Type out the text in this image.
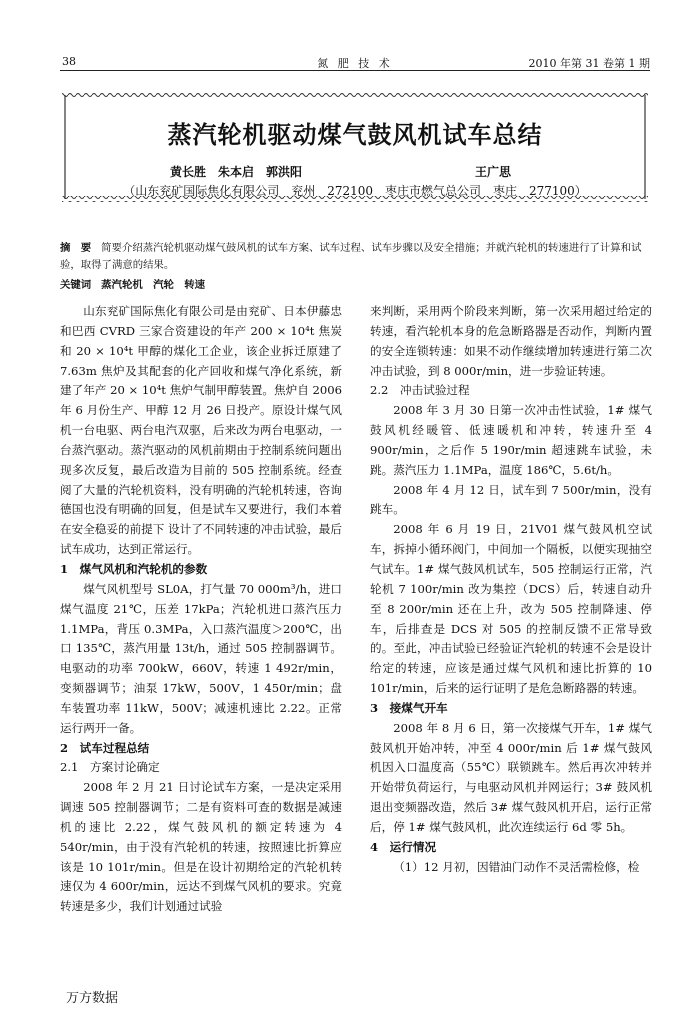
38	氮 肥 技 术	2010 年第 31 卷第 1 期
蒸汽轮机驱动煤气鼓风机试车总结
黄长胜　朱本启　郭洪阳	王广思
（山东兖矿国际焦化有限公司　兖州　272100　枣庄市燃气总公司　枣庄　277100）
摘　要 简要介绍蒸汽轮机驱动煤气鼓风机的试车方案、试车过程、试车步骤以及安全措施；并就汽轮机的转速进行了计算和试验，取得了满意的结果。
关键词 蒸汽轮机　汽轮　转速

山东兖矿国际焦化有限公司是由兖矿、日本伊藤忠和巴西 CVRD 三家合资建设的年产 200 × 10⁴t 焦炭和 20 × 10⁴t 甲醇的煤化工企业，该企业拆迁原建了 7.63m 焦炉及其配套的化产回收和煤气净化系统，新建了年产 20 × 10⁴t 焦炉气制甲醇装置。焦炉自 2006 年 6 月份生产、甲醇 12 月 26 日投产。原设计煤气风机一台电驱、两台电汽双驱，后来改为两台电驱动，一台蒸汽驱动。蒸汽驱动的风机前期由于控制系统问题出现多次反复，最后改造为目前的 505 控制系统。经查阅了大量的汽轮机资料，没有明确的汽轮机转速，咨询德国也没有明确的回复，但是试车又要进行，我们本着在安全稳妥的前提下 设计了不同转速的冲击试验，最后试车成功，达到正常运行。

1　煤气风机和汽轮机的参数

煤气风机型号 SL0A，打气量 70 000m³/h，进口煤气温度 21℃，压差 17kPa；汽轮机进口蒸汽压力 1.1MPa，背压 0.3MPa，入口蒸汽温度＞200℃，出口 135℃，蒸汽用量 13t/h，通过 505 控制器调节。电驱动的功率 700kW，660V，转速 1 492r/min，变频器调节；油泵 17kW，500V，1 450r/min；盘车装置功率 11kW，500V；减速机速比 2.22。正常运行两开一备。

2　试车过程总结
2.1　方案讨论确定

2008 年 2 月 21 日讨论试车方案，一是决定采用调速 505 控制器调节；二是有资料可查的数据是减速机的速比 2.22，煤气鼓风机的额定转速为 4 540r/min，由于没有汽轮机的转速，按照速比折算应该是 10 101r/min。但是在设计初期给定的汽轮机转速仅为 4 600r/min，远达不到煤气风机的要求。究竟转速是多少，我们计划通过试验

来判断，采用两个阶段来判断，第一次采用超过给定的转速，看汽轮机本身的危急断路器是否动作，判断内置的安全连锁转速：如果不动作继续增加转速进行第二次冲击试验，到 8 000r/min，进一步验证转速。

2.2　冲击试验过程

2008 年 3 月 30 日第一次冲击性试验，1# 煤气鼓风机经暖管、低速暖机和冲转，转速升至 4 900r/min，之后作 5 190r/min 超速跳车试验，未跳。蒸汽压力 1.1MPa，温度 186℃，5.6t/h。

2008 年 4 月 12 日，试车到 7 500r/min，没有跳车。

2008 年 6 月 19 日，21V01 煤气鼓风机空试车，拆掉小循环阀门，中间加一个隔板，以便实现抽空气试车。1# 煤气鼓风机试车，505 控制运行正常，汽轮机 7 100r/min 改为集控（DCS）后，转速自动升至 8 200r/min 还在上升，改为 505 控制降速、停车，后排查是 DCS 对 505 的控制反馈不正常导致的。至此，冲击试验已经验证汽轮机的转速不会是设计给定的转速，应该是通过煤气风机和速比折算的 10 101r/min，后来的运行证明了是危急断路器的转速。

3　接煤气开车

2008 年 8 月 6 日，第一次接煤气开车，1# 煤气鼓风机开始冲转，冲至 4 000r/min 后 1# 煤气鼓风机因入口温度高（55℃）联锁跳车。然后再次冲转并开始带负荷运行，与电驱动风机并网运行；3# 鼓风机退出变频器改造，然后 3# 煤气鼓风机开启，运行正常后，停 1# 煤气鼓风机，此次连续运行 6d 零 5h。

4　运行情况

（1）12 月初，因错油门动作不灵活需检修，检

万方数据
